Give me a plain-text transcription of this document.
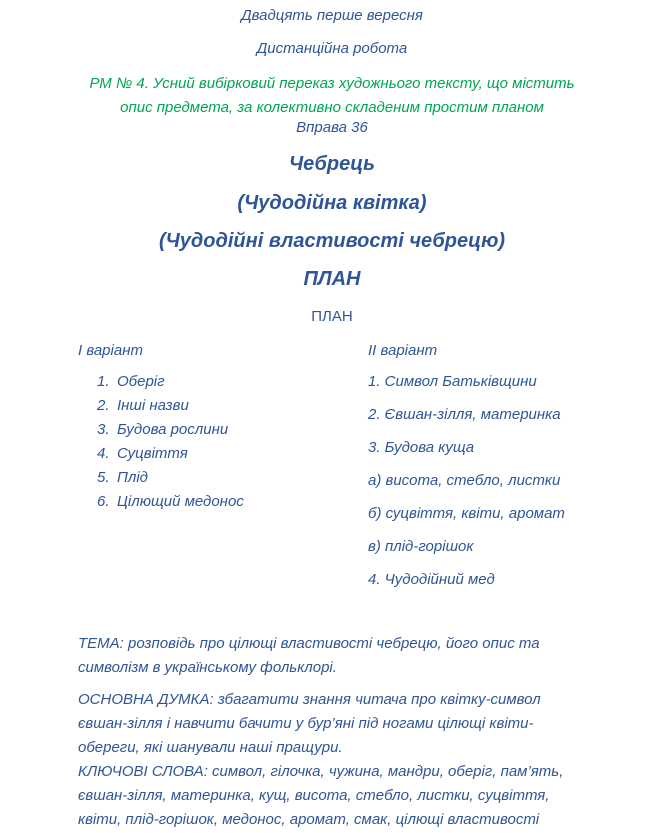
Двадцять перше вересня
Дистанційна робота
РМ № 4. Усний вибірковий переказ художнього тексту, що містить
опис предмета, за колективно складеним простим планом
Вправа 36
Чебрець
(Чудодійна квітка)
(Чудодійні властивості чебрецю)
ПЛАН
ПЛАН
І варіант	ІІ варіант
1. Оберіг
2. Інші назви
3. Будова рослини
4. Суцвіття
5. Плід
6. Цілющий медонос
1. Символ Батьківщини
2. Євшан-зілля, материнка
3. Будова куща
а) висота, стебло, листки
б) суцвіття, квіти, аромат
в) плід-горішок
4. Чудодійний мед
ТЕМА: розповідь про цілющі властивості чебрецю, його опис та
символізм в українському фольклорі.
ОСНОВНА ДУМКА: збагатити знання читача про квітку-символ
євшан-зілля і навчити бачити у бур’яні під ногами цілющі квіти-
обереги, які шанували наші пращури.
КЛЮЧОВІ СЛОВА: символ, гілочка, чужина, мандри, оберіг, пам’ять,
євшан-зілля, материнка, кущ, висота, стебло, листки, суцвіття,
квіти, плід-горішок, медонос, аромат, смак, цілющі властивості
